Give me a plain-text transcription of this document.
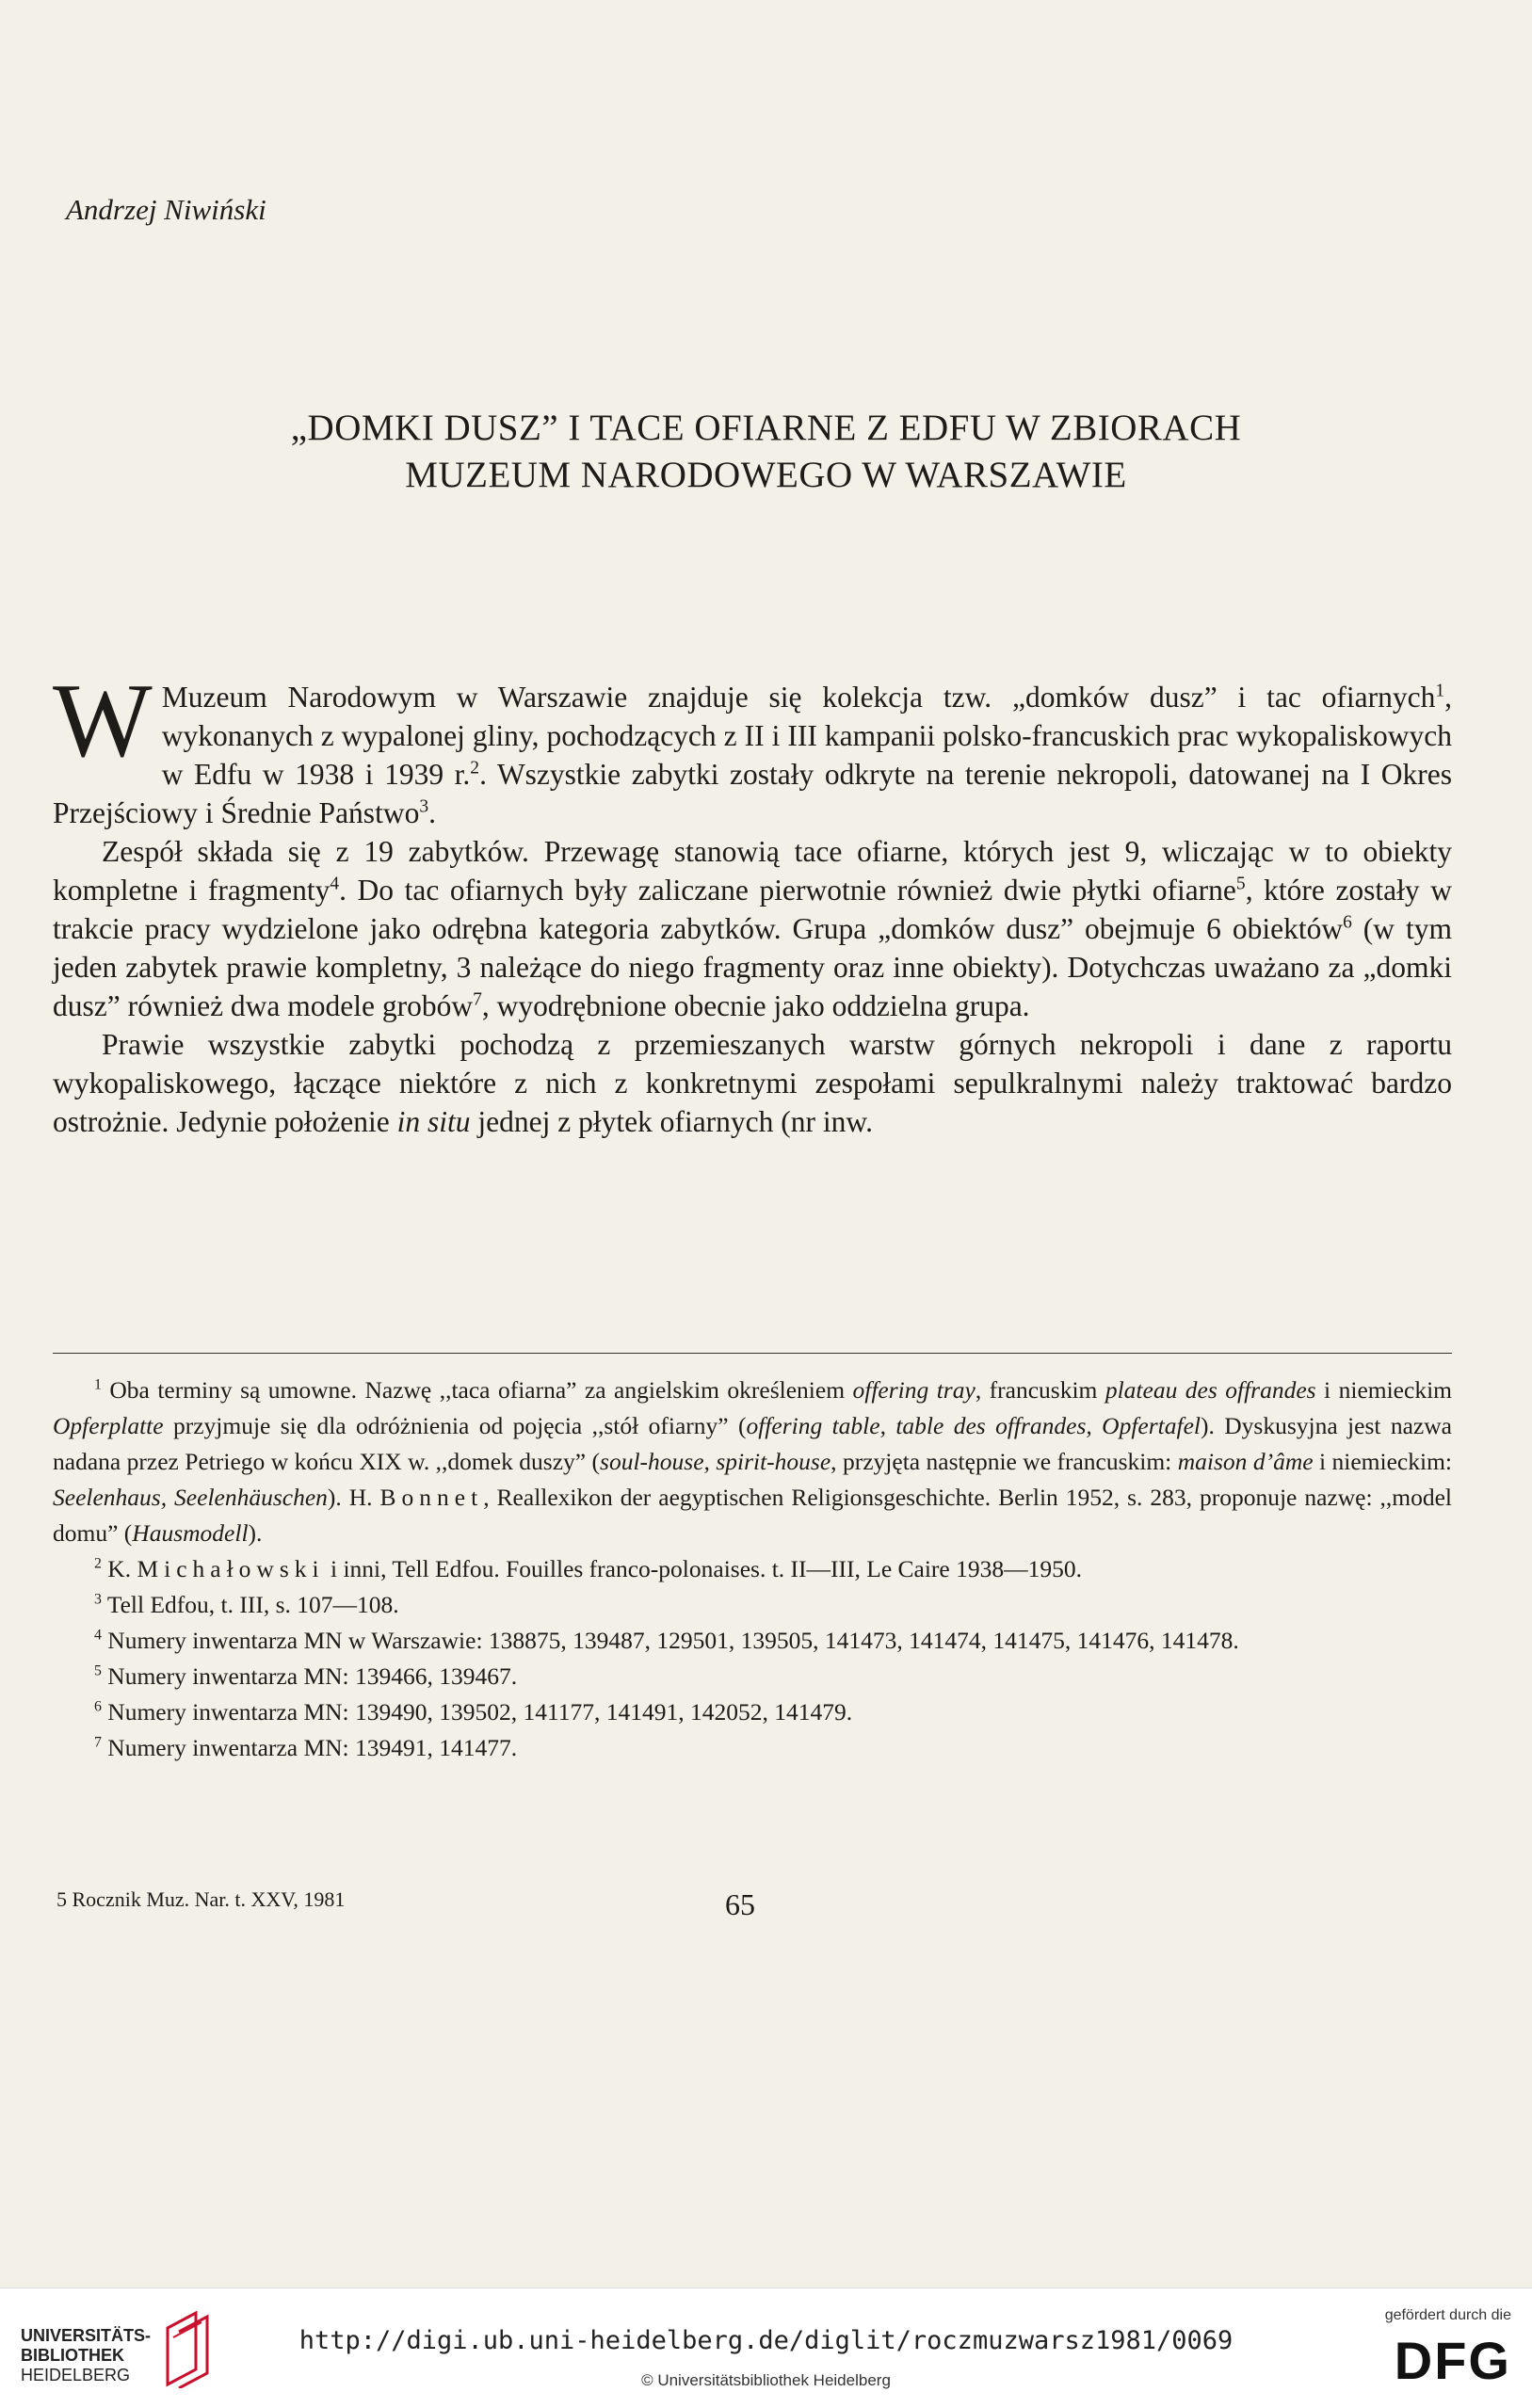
Andrzej Niwiński
„DOMKI DUSZ” I TACE OFIARNE Z EDFU W ZBIORACH
MUZEUM NARODOWEGO W WARSZAWIE

W Muzeum Narodowym w Warszawie znajduje się kolekcja tzw. „domków dusz” i tac ofiarnych$^1$, wykonanych z wypalonej gliny, pochodzących z II i III kampanii polsko-francuskich prac wykopaliskowych w Edfu w 1938 i 1939 r.$^2$. Wszystkie zabytki zostały odkryte na terenie nekropoli, datowanej na I Okres Przejściowy i Średnie Państwo$^3$.

Zespół składa się z 19 zabytków. Przewagę stanowią tace ofiarne, których jest 9, wliczając w to obiekty kompletne i fragmenty$^4$. Do tac ofiarnych były zaliczane pierwotnie również dwie płytki ofiarne$^5$, które zostały w trakcie pracy wydzielone jako odrębna kategoria zabytków. Grupa „domków dusz” obejmuje 6 obiektów$^6$ (w tym jeden zabytek prawie kompletny, 3 należące do niego fragmenty oraz inne obiekty). Dotychczas uważano za „domki dusz” również dwa modele grobów$^7$, wyodrębnione obecnie jako oddzielna grupa.

Prawie wszystkie zabytki pochodzą z przemieszanych warstw górnych nekropoli i dane z raportu wykopaliskowego, łączące niektóre z nich z konkretnymi zespołami sepulkralnymi należy traktować bardzo ostrożnie. Jedynie położenie in situ jednej z płytek ofiarnych (nr inw.

$^1$ Oba terminy są umowne. Nazwę ,,taca ofiarna” za angielskim określeniem offering tray, francuskim plateau des offrandes i niemieckim Opferplatte przyjmuje się dla odróżnienia od pojęcia ,,stół ofiarny” (offering table, table des offrandes, Opfertafel). Dyskusyjna jest nazwa nadana przez Petriego w końcu XIX w. ,,domek duszy” (soul-house, spirit-house, przyjęta następnie we francuskim: maison d’âme i niemieckim: Seelenhaus, Seelenhäuschen). H. Bonnet, Reallexikon der aegyptischen Religionsgeschichte. Berlin 1952, s. 283, proponuje nazwę: ,,model domu” (Hausmodell).

$^2$ K. Michałowski i inni, Tell Edfou. Fouilles franco-polonaises. t. II—III, Le Caire 1938—1950.

$^3$ Tell Edfou, t. III, s. 107—108.

$^4$ Numery inwentarza MN w Warszawie: 138875, 139487, 129501, 139505, 141473, 141474, 141475, 141476, 141478.

$^5$ Numery inwentarza MN: 139466, 139467.

$^6$ Numery inwentarza MN: 139490, 139502, 141177, 141491, 142052, 141479.

$^7$ Numery inwentarza MN: 139491, 141477.

5 Rocznik Muz. Nar. t. XXV, 1981	65
UNIVERSITÄTS-
BIBLIOTHEK
HEIDELBERG
http://digi.ub.uni-heidelberg.de/diglit/roczmuzwarsz1981/0069
© Universitätsbibliothek Heidelberg
gefördert durch die
DFG
